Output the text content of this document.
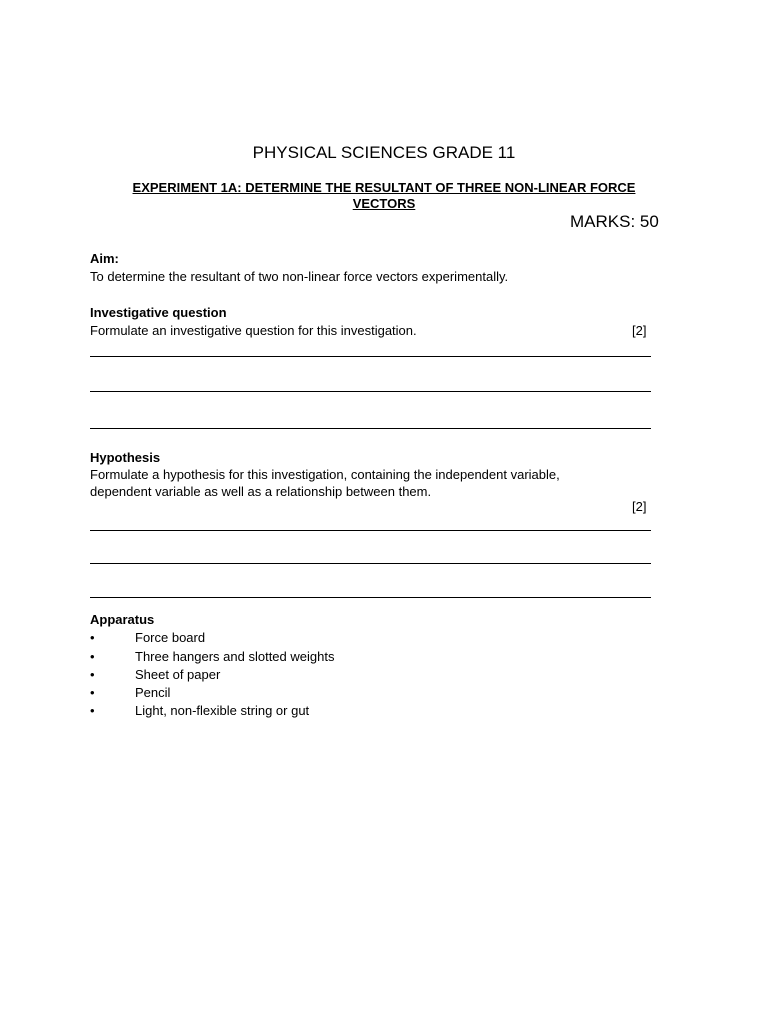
PHYSICAL SCIENCES GRADE 11
EXPERIMENT 1A: DETERMINE THE RESULTANT OF THREE NON-LINEAR FORCE
VECTORS
MARKS: 50
Aim:
To determine the resultant of two non-linear force vectors experimentally.
Investigative question
Formulate an investigative question for this investigation.	[2]
Hypothesis
Formulate a hypothesis for this investigation, containing the independent variable,
dependent variable as well as a relationship between them.
[2]
Apparatus
•	Force board
•	Three hangers and slotted weights
•	Sheet of paper
•	Pencil
•	Light, non-flexible string or gut
